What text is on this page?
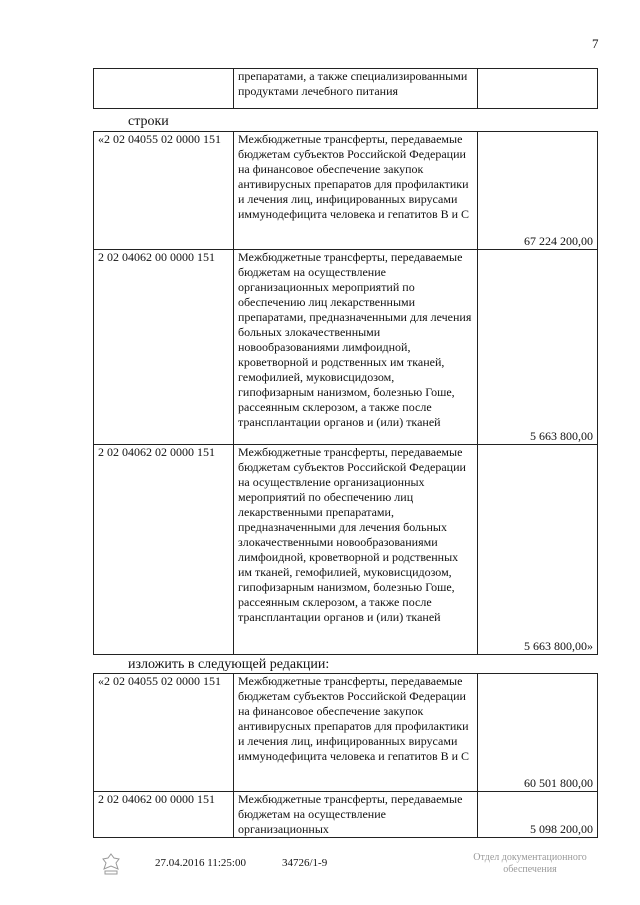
7
	препаратами, а также специализированными продуктами лечебного питания	
строки
«2 02 04055 02 0000 151	Межбюджетные трансферты, передаваемые бюджетам субъектов Российской Федерации на финансовое обеспечение закупок антивирусных препаратов для профилактики и лечения лиц, инфицированных вирусами иммунодефицита человека и гепатитов В и С	67 224 200,00
2 02 04062 00 0000 151	Межбюджетные трансферты, передаваемые бюджетам на осуществление организационных мероприятий по обеспечению лиц лекарственными препаратами, предназначенными для лечения больных злокачественными новообразованиями лимфоидной, кроветворной и родственных им тканей, гемофилией, муковисцидозом, гипофизарным нанизмом, болезнью Гоше, рассеянным склерозом, а также после трансплантации органов и (или) тканей	5 663 800,00
2 02 04062 02 0000 151	Межбюджетные трансферты, передаваемые бюджетам субъектов Российской Федерации на осуществление организационных мероприятий по обеспечению лиц лекарственными препаратами, предназначенными для лечения больных злокачественными новообразованиями лимфоидной, кроветворной и родственных им тканей, гемофилией, муковисцидозом, гипофизарным нанизмом, болезнью Гоше, рассеянным склерозом, а также после трансплантации органов и (или) тканей	5 663 800,00»
изложить в следующей редакции:
«2 02 04055 02 0000 151	Межбюджетные трансферты, передаваемые бюджетам субъектов Российской Федерации на финансовое обеспечение закупок антивирусных препаратов для профилактики и лечения лиц, инфицированных вирусами иммунодефицита человека и гепатитов В и С	60 501 800,00
2 02 04062 00 0000 151	Межбюджетные трансферты, передаваемые бюджетам на осуществление организационных	5 098 200,00
27.04.2016 11:25:00	34726/1-9	Отдел документационного обеспечения
